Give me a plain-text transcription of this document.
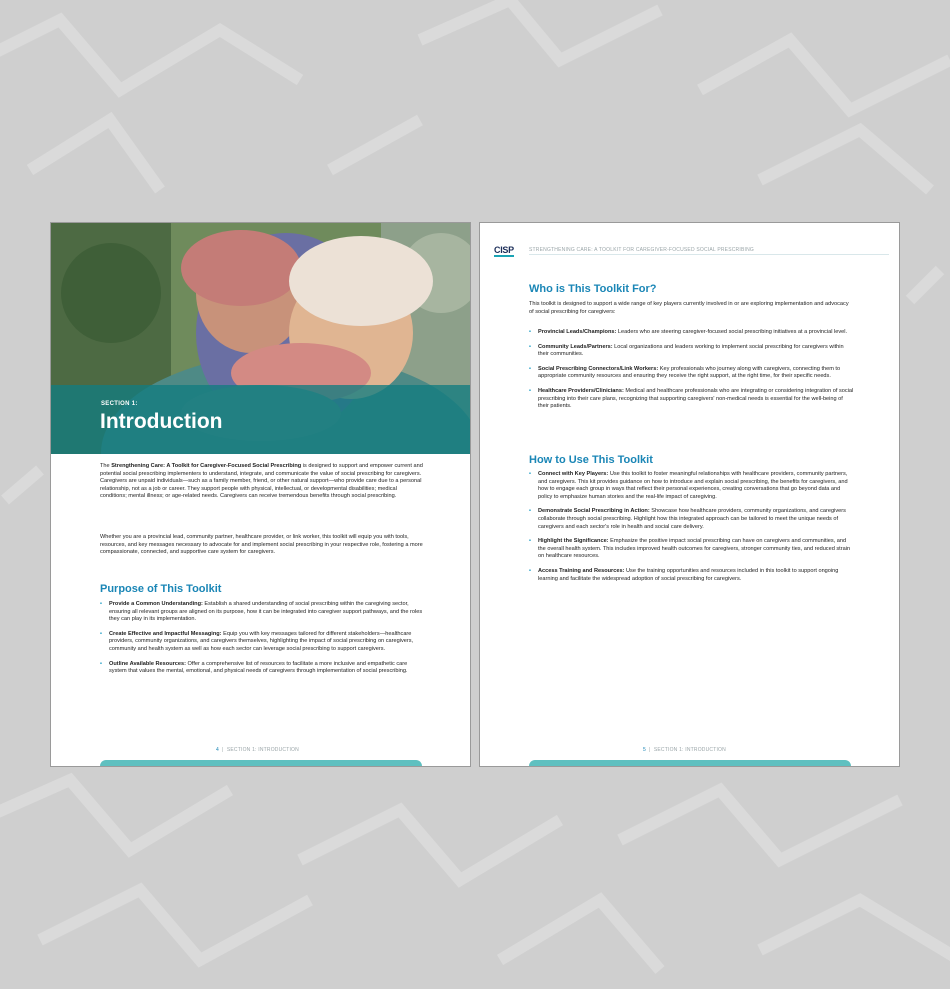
SECTION 1:
Introduction

The Strengthening Care: A Toolkit for Caregiver-Focused Social Prescribing is designed to support and empower current and potential social prescribing implementers to understand, integrate, and communicate the value of social prescribing for caregivers. Caregivers are unpaid individuals—such as a family member, friend, or other natural support—who provide care due to a personal relationship, not as a job or career. They support people with physical, intellectual, or developmental disabilities; medical conditions; mental illness; or age-related needs. Caregivers can receive tremendous benefits through social prescribing.

Whether you are a provincial lead, community partner, healthcare provider, or link worker, this toolkit will equip you with tools, resources, and key messages necessary to advocate for and implement social prescribing in your respective role, fostering a more compassionate, connected, and supportive care system for caregivers.

Purpose of This Toolkit
• Provide a Common Understanding: Establish a shared understanding of social prescribing within the caregiving sector, ensuring all relevant groups are aligned on its purpose, how it can be integrated into caregiver support pathways, and the roles they can play in its implementation.
• Create Effective and Impactful Messaging: Equip you with key messages tailored for different stakeholders—healthcare providers, community organizations, and caregivers themselves, highlighting the impact of social prescribing on caregivers, community and health system as well as how each sector can leverage social prescribing to support caregivers.
• Outline Available Resources: Offer a comprehensive list of resources to facilitate a more inclusive and empathetic care system that values the mental, emotional, and physical needs of caregivers through implementation of social prescribing.
4 | SECTION 1: INTRODUCTION
CISP	STRENGTHENING CARE: A TOOLKIT FOR CAREGIVER-FOCUSED SOCIAL PRESCRIBING
Who is This Toolkit For?

This toolkit is designed to support a wide range of key players currently involved in or are exploring implementation and advocacy of social prescribing for caregivers:

• Provincial Leads/Champions: Leaders who are steering caregiver-focused social prescribing initiatives at a provincial level.
• Community Leads/Partners: Local organizations and leaders working to implement social prescribing for caregivers within their communities.
• Social Prescribing Connectors/Link Workers: Key professionals who journey along with caregivers, connecting them to appropriate community resources and ensuring they receive the right support, at the right time, for their specific needs.
• Healthcare Providers/Clinicians: Medical and healthcare professionals who are integrating or considering integration of social prescribing into their care plans, recognizing that supporting caregivers' non-medical needs is essential for the well-being of their patients.
How to Use This Toolkit
• Connect with Key Players: Use this toolkit to foster meaningful relationships with healthcare providers, community partners, and caregivers. This kit provides guidance on how to introduce and explain social prescribing, the benefits for caregivers, and how to engage each group in ways that reflect their personal experiences, creating conversations that go beyond data and policy to emphasize human stories and the real-life impact of caregiving.
• Demonstrate Social Prescribing in Action: Showcase how healthcare providers, community organizations, and caregivers collaborate through social prescribing. Highlight how this integrated approach can be tailored to meet the unique needs of caregivers and each sector's role in health and social care delivery.
• Highlight the Significance: Emphasize the positive impact social prescribing can have on caregivers and communities, and the overall health system. This includes improved health outcomes for caregivers, stronger community ties, and reduced strain on healthcare resources.
• Access Training and Resources: Use the training opportunities and resources included in this toolkit to support ongoing learning and facilitate the widespread adoption of social prescribing for caregivers.
5 | SECTION 1: INTRODUCTION
